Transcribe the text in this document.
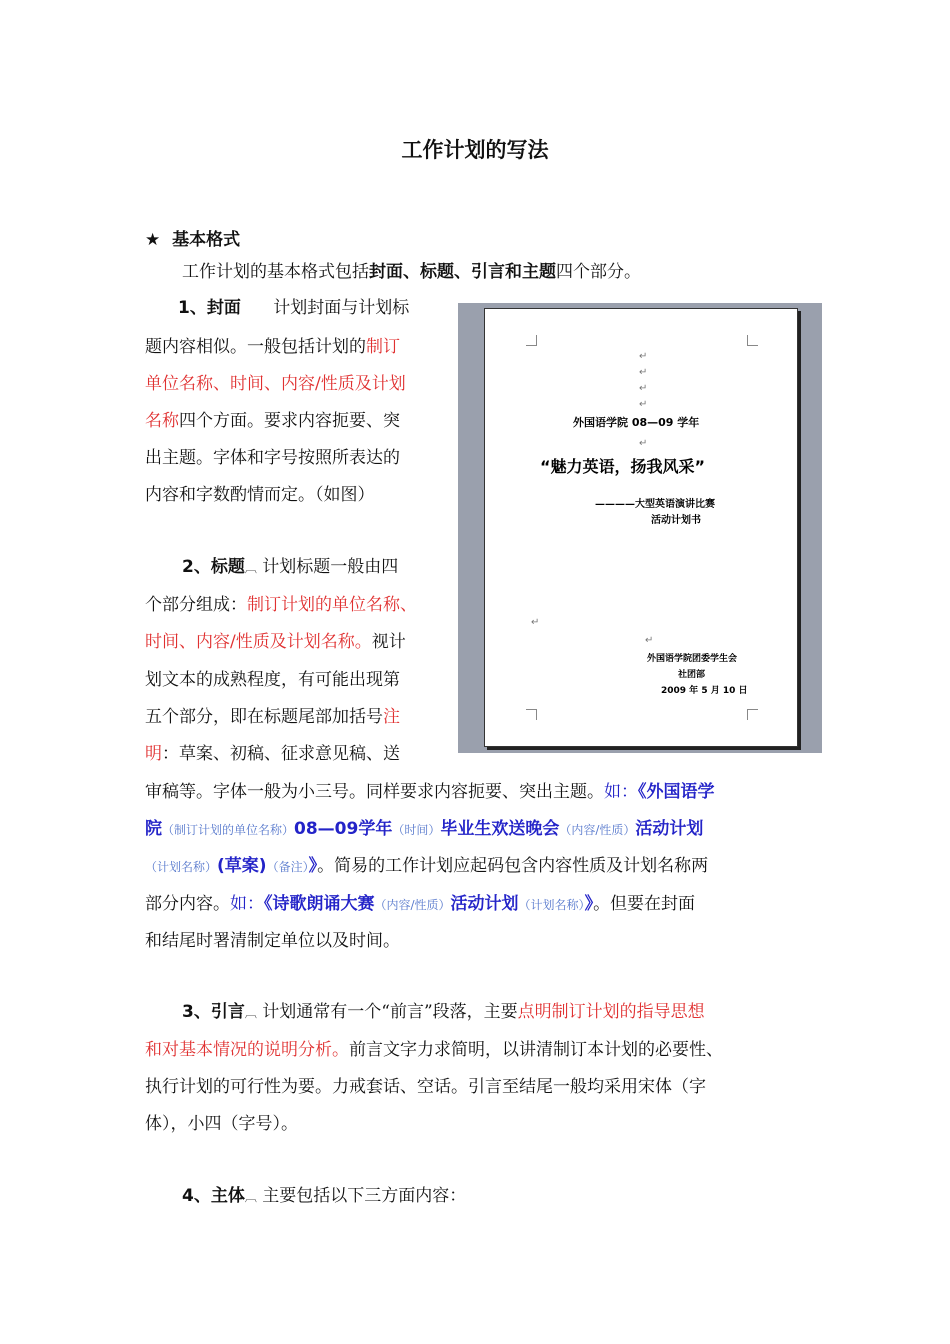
工作计划的写法
★ 基本格式
工作计划的基本格式包括封面、标题、引言和主题四个部分。
1、封面 计划封面与计划标
题内容相似。一般包括计划的制订
单位名称、时间、内容/性质及计划
名称四个方面。要求内容扼要、突
出主题。字体和字号按照所表达的
内容和字数酌情而定。（如图）
2、标题︹ 计划标题一般由四
个部分组成：制订计划的单位名称、
时间、内容/性质及计划名称。视计
划文本的成熟程度，有可能出现第
五个部分，即在标题尾部加括号注
明：草案、初稿、征求意见稿、送
审稿等。字体一般为小三号。同样要求内容扼要、突出主题。如：《外国语学
院（制订计划的单位名称）08—09学年（时间）毕业生欢送晚会（内容/性质）活动计划
（计划名称）(草案)（备注）》。简易的工作计划应起码包含内容性质及计划名称两
部分内容。如：《诗歌朗诵大赛（内容/性质）活动计划（计划名称）》。但要在封面
和结尾时署清制定单位以及时间。
3、引言︹ 计划通常有一个“前言”段落，主要点明制订计划的指导思想
和对基本情况的说明分析。前言文字力求简明，以讲清制订本计划的必要性、
执行计划的可行性为要。力戒套话、空话。引言至结尾一般均采用宋体（字
体），小四（字号）。
4、主体︹ 主要包括以下三方面内容：
↵
↵
↵
↵
外国语学院 08—09 学年
↵
“魅力英语，扬我风采”
————大型英语演讲比赛
活动计划书
↵
↵
外国语学院团委学生会
社团部
2009 年 5 月 10 日
